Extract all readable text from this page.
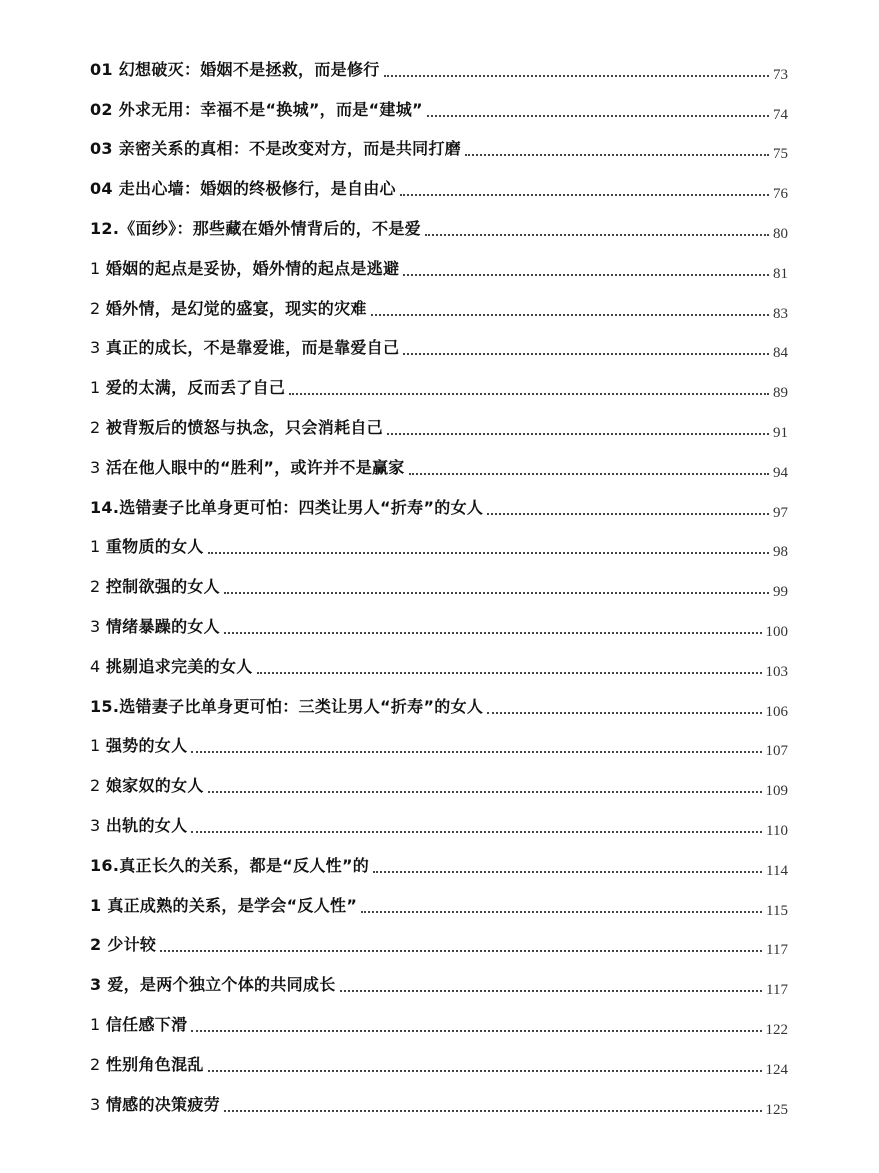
01 幻想破灭：婚姻不是拯救，而是修行	73
02 外求无用：幸福不是“换城”，而是“建城”	74
03 亲密关系的真相：不是改变对方，而是共同打磨	75
04 走出心墙：婚姻的终极修行，是自由心	76
12.《面纱》：那些藏在婚外情背后的，不是爱	80
1 婚姻的起点是妥协，婚外情的起点是逃避	81
2 婚外情，是幻觉的盛宴，现实的灾难	83
3 真正的成长，不是靠爱谁，而是靠爱自己	84
1 爱的太满，反而丢了自己	89
2 被背叛后的愤怒与执念，只会消耗自己	91
3 活在他人眼中的“胜利”，或许并不是赢家	94
14.选错妻子比单身更可怕：四类让男人“折寿”的女人	97
1 重物质的女人	98
2 控制欲强的女人	99
3 情绪暴躁的女人	100
4 挑剔追求完美的女人	103
15.选错妻子比单身更可怕：三类让男人“折寿”的女人	106
1 强势的女人	107
2 娘家奴的女人	109
3 出轨的女人	110
16.真正长久的关系，都是“反人性”的	114
1 真正成熟的关系，是学会“反人性”	115
2 少计较	117
3 爱，是两个独立个体的共同成长	117
1 信任感下滑	122
2 性别角色混乱	124
3 情感的决策疲劳	125
